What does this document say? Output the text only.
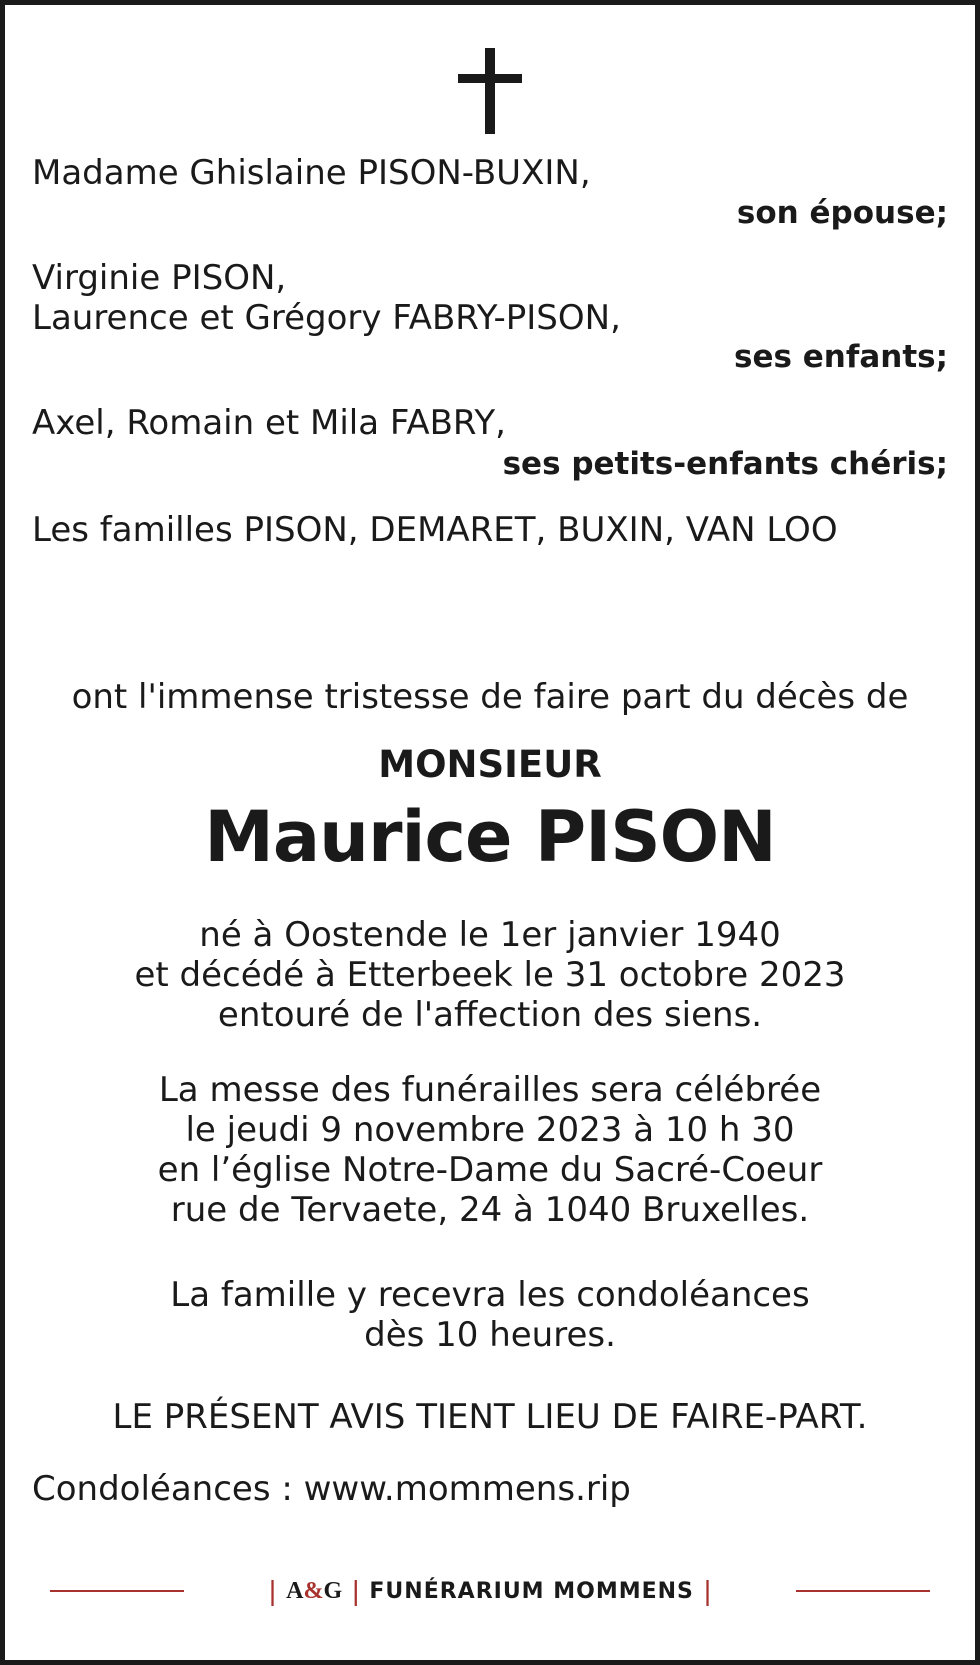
Madame Ghislaine PISON-BUXIN,
son épouse;
Virginie PISON,
Laurence et Grégory FABRY-PISON,
ses enfants;
Axel, Romain et Mila FABRY,
ses petits-enfants chéris;
Les familles PISON, DEMARET, BUXIN, VAN LOO
ont l'immense tristesse de faire part du décès de
MONSIEUR
Maurice PISON
né à Oostende le 1er janvier 1940
et décédé à Etterbeek le 31 octobre 2023
entouré de l'affection des siens.
La messe des funérailles sera célébrée
le jeudi 9 novembre 2023 à 10 h 30
en l’église Notre-Dame du Sacré-Coeur
rue de Tervaete, 24 à 1040 Bruxelles.
La famille y recevra les condoléances
dès 10 heures.
LE PRÉSENT AVIS TIENT LIEU DE FAIRE-PART.
Condoléances : www.mommens.rip
| A&G | FUNÉRARIUM MOMMENS |
